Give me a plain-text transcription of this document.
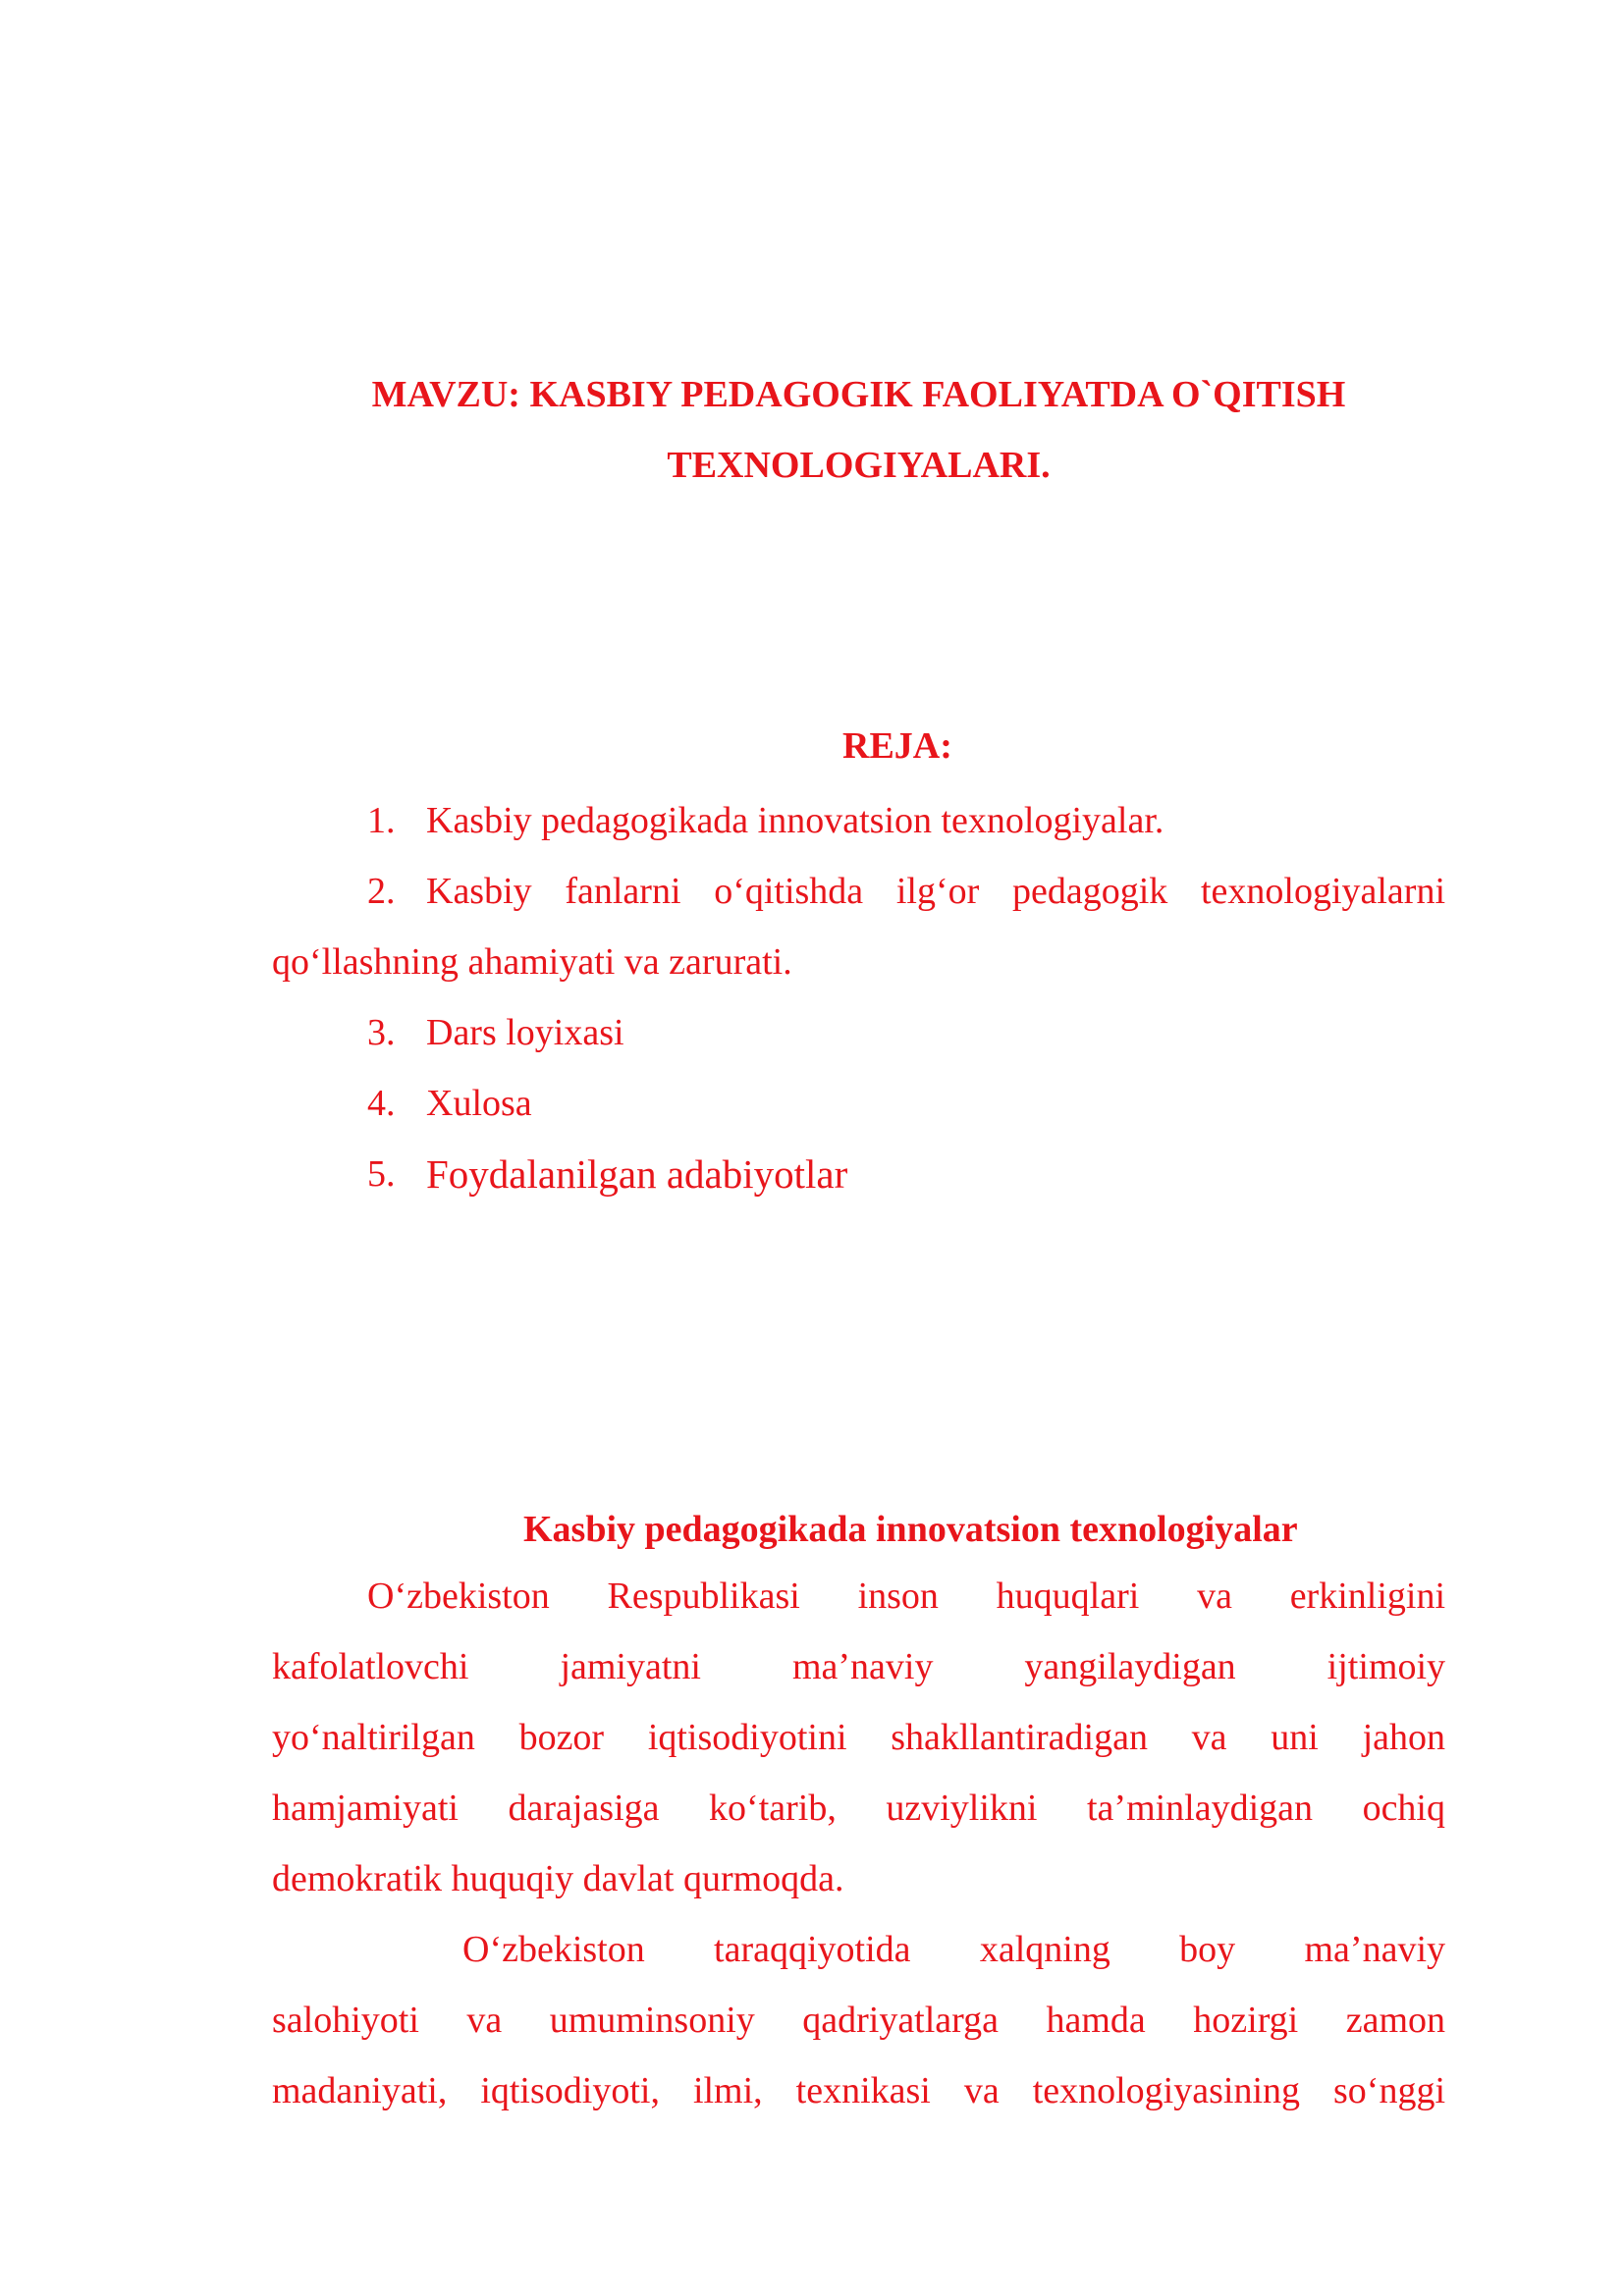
MAVZU: KASBIY PEDAGOGIK FAOLIYATDA O`QITISH
TEXNOLOGIYALARI.
REJA:
1. Kasbiy pedagogikada innovatsion texnologiyalar.
2. Kasbiy fanlarni o‘qitishda ilg‘or pedagogik texnologiyalarni qo‘llashning ahamiyati va zarurati.
3. Dars loyixasi
4. Xulosa
5. Foydalanilgan adabiyotlar
Kasbiy pedagogikada innovatsion texnologiyalar
O‘zbekiston Respublikasi inson huquqlari va erkinligini
kafolatlovchi jamiyatni ma’naviy yangilaydigan ijtimoiy
yo‘naltirilgan bozor iqtisodiyotini shakllantiradigan va uni jahon
hamjamiyati darajasiga ko‘tarib, uzviylikni ta’minlaydigan ochiq
demokratik huquqiy davlat qurmoqda.
O‘zbekiston taraqqiyotida xalqning boy ma’naviy
salohiyoti va umuminsoniy qadriyatlarga hamda hozirgi zamon
madaniyati, iqtisodiyoti, ilmi, texnikasi va texnologiyasining so‘nggi
